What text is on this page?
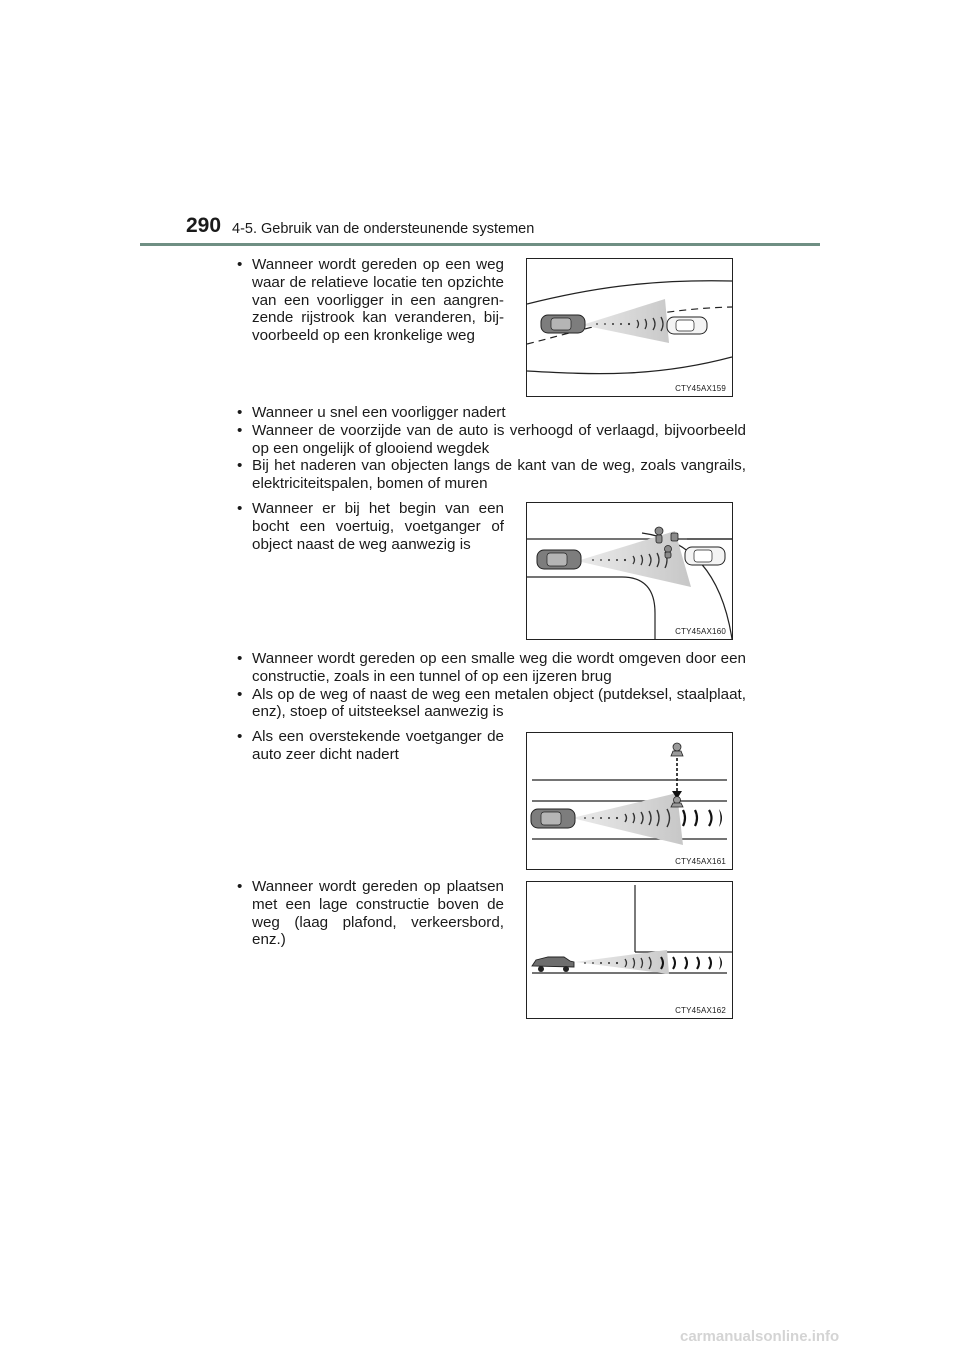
290 4-5. Gebruik van de ondersteunende systemen
• Wanneer wordt gereden op een weg waar de relatieve locatie ten opzichte van een voorligger in een aangren-zende rijstrook kan veranderen, bij-voorbeeld op een kronkelige weg
CTY45AX159
• Wanneer u snel een voorligger nadert
• Wanneer de voorzijde van de auto is verhoogd of verlaagd, bijvoorbeeld op een ongelijk of glooiend wegdek
• Bij het naderen van objecten langs de kant van de weg, zoals vangrails, elektriciteitspalen, bomen of muren
• Wanneer er bij het begin van een bocht een voertuig, voetganger of object naast de weg aanwezig is
CTY45AX160
• Wanneer wordt gereden op een smalle weg die wordt omgeven door een constructie, zoals in een tunnel of op een ijzeren brug
• Als op de weg of naast de weg een metalen object (putdeksel, staalplaat, enz), stoep of uitsteeksel aanwezig is
• Als een overstekende voetganger de auto zeer dicht nadert
CTY45AX161
• Wanneer wordt gereden op plaatsen met een lage constructie boven de weg (laag plafond, verkeersbord, enz.)
CTY45AX162
carmanualsonline.info
